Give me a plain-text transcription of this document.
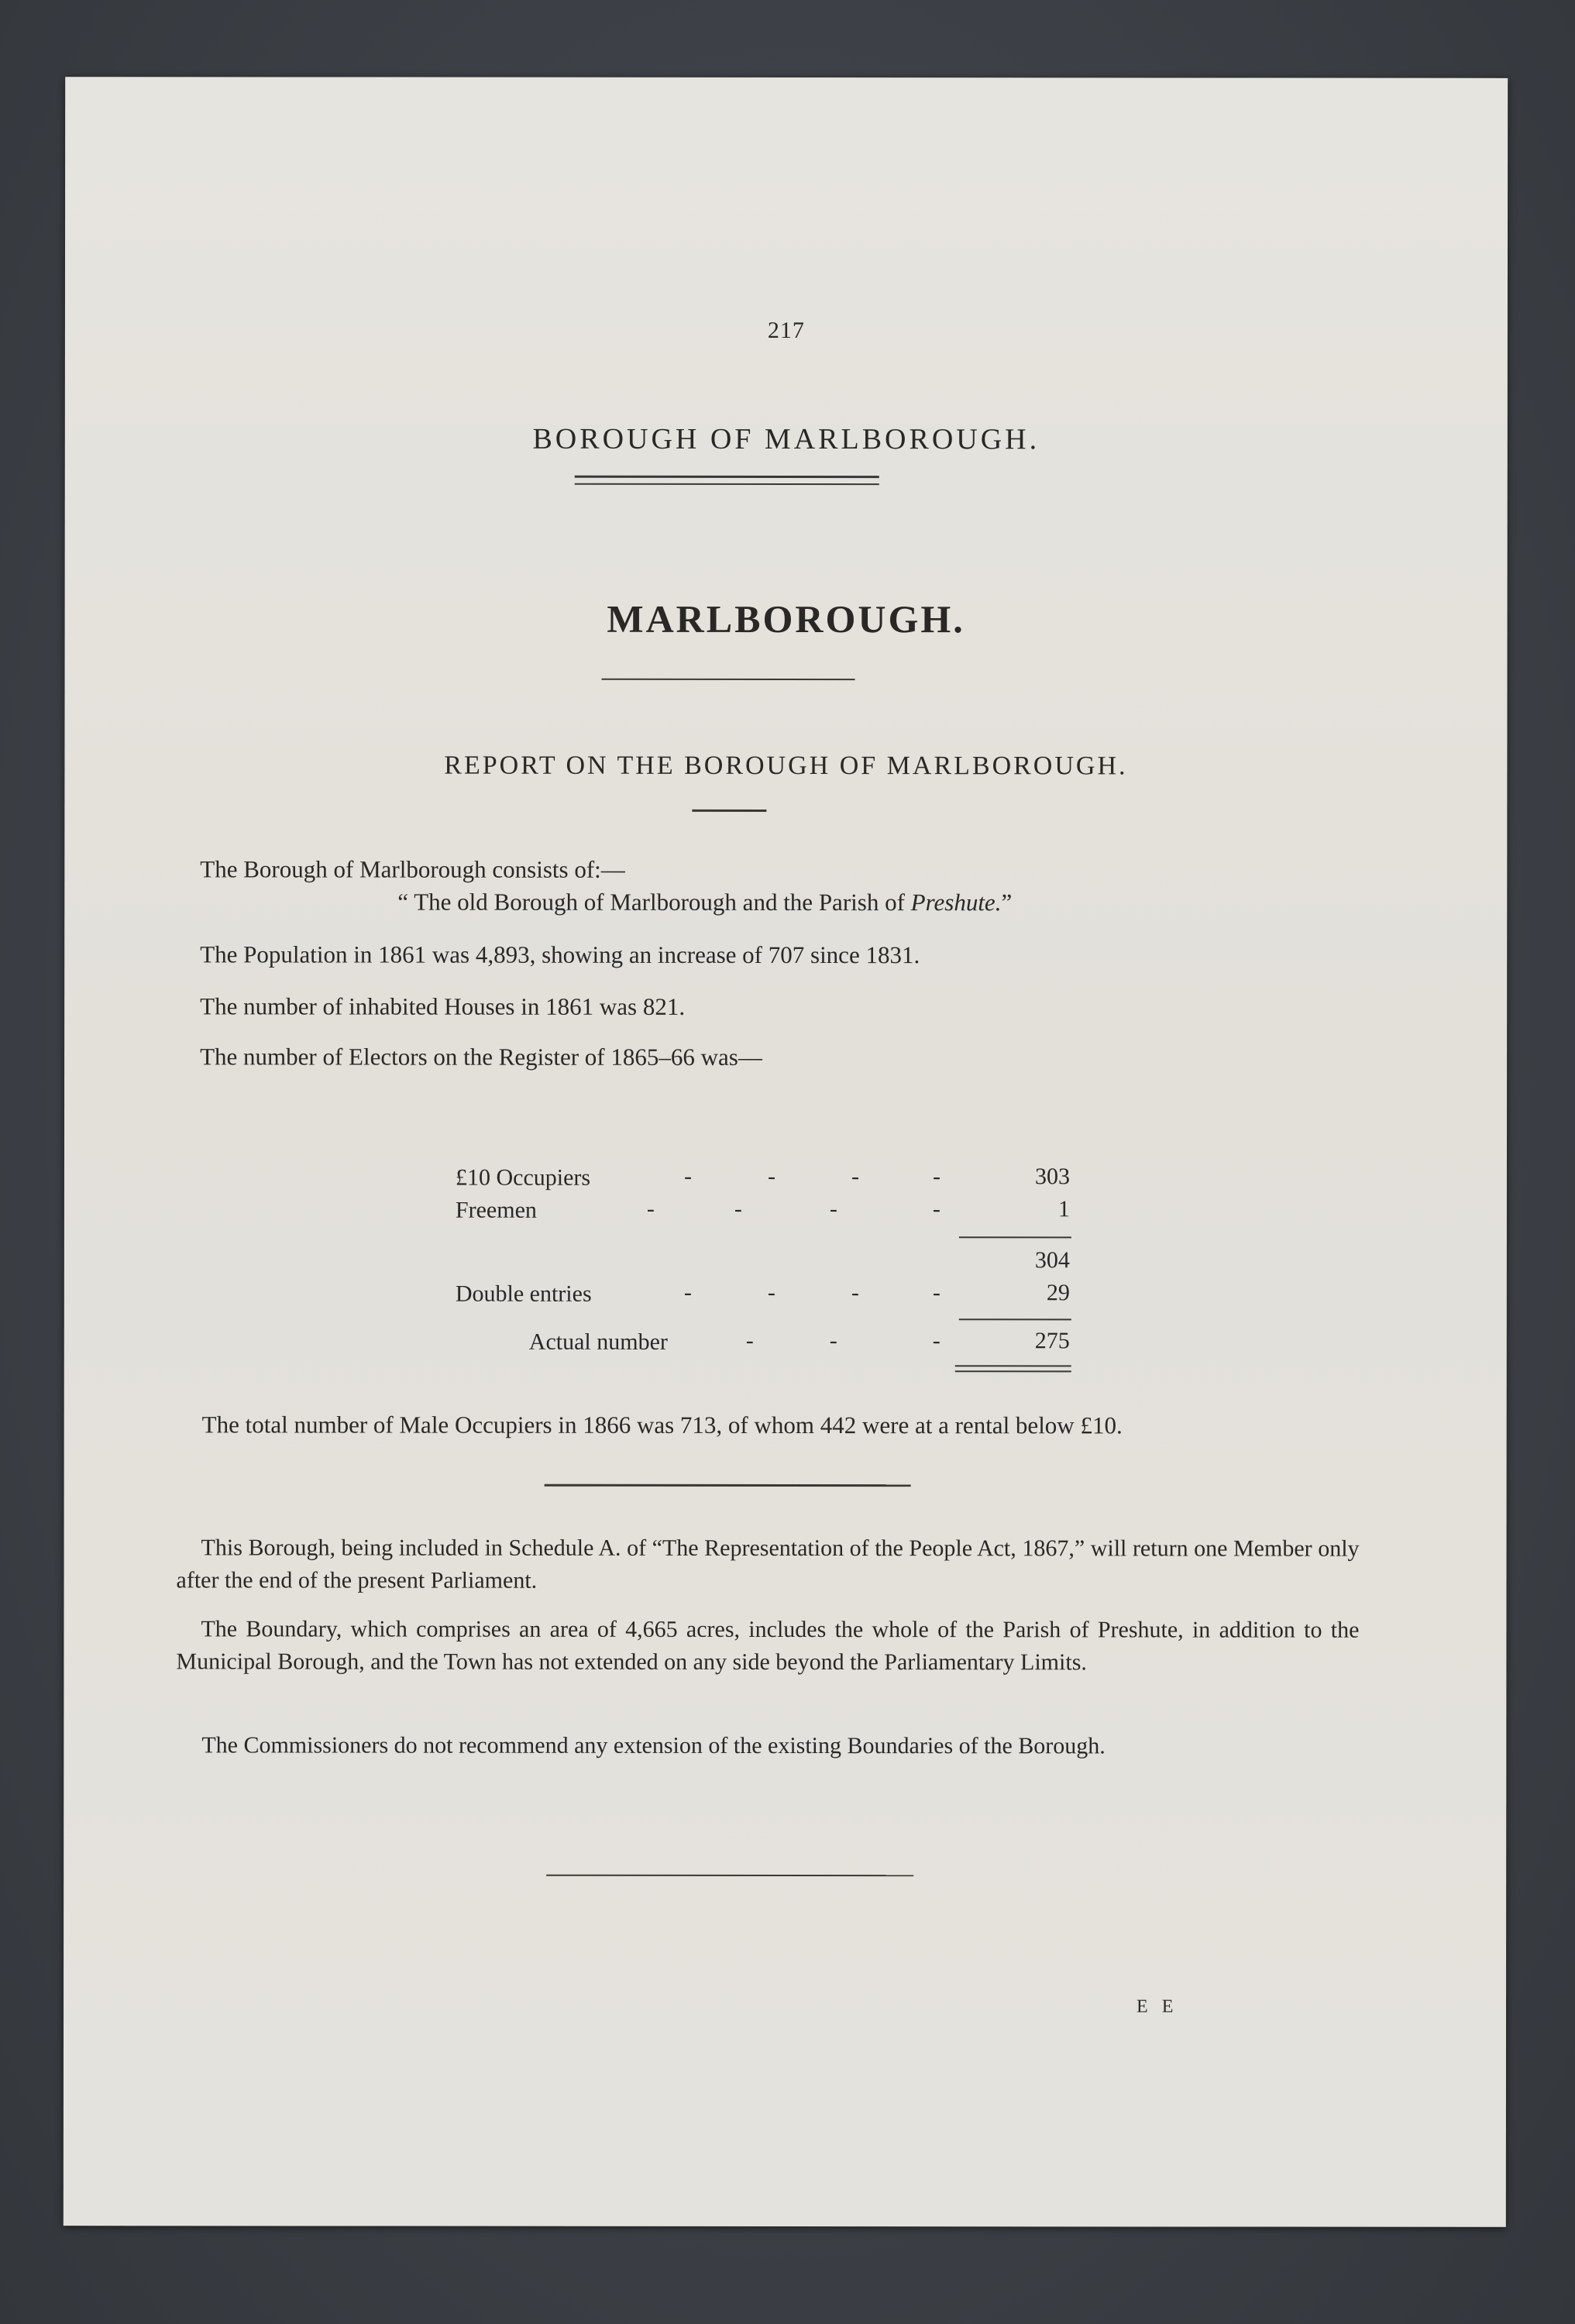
217
BOROUGH OF MARLBOROUGH.
MARLBOROUGH.
REPORT ON THE BOROUGH OF MARLBOROUGH.
The Borough of Marlborough consists of:—
“ The old Borough of Marlborough and the Parish of Preshute.”
The Population in 1861 was 4,893, showing an increase of 707 since 1831.
The number of inhabited Houses in 1861 was 821.
The number of Electors on the Register of 1865–66 was—
£10 Occupiers	-	-	-	-	303
Freemen	-	-	-	-	1
304
Double entries	-	-	-	-	29
Actual number	-	-	-	275
The total number of Male Occupiers in 1866 was 713, of whom 442 were at a rental below £10.
This Borough, being included in Schedule A. of “The Representation of the People Act, 1867,” will return one Member only after the end of the present Parliament.
The Boundary, which comprises an area of 4,665 acres, includes the whole of the Parish of Preshute, in addition to the Municipal Borough, and the Town has not extended on any side beyond the Parliamentary Limits.
The Commissioners do not recommend any extension of the existing Boundaries of the Borough.
E E
